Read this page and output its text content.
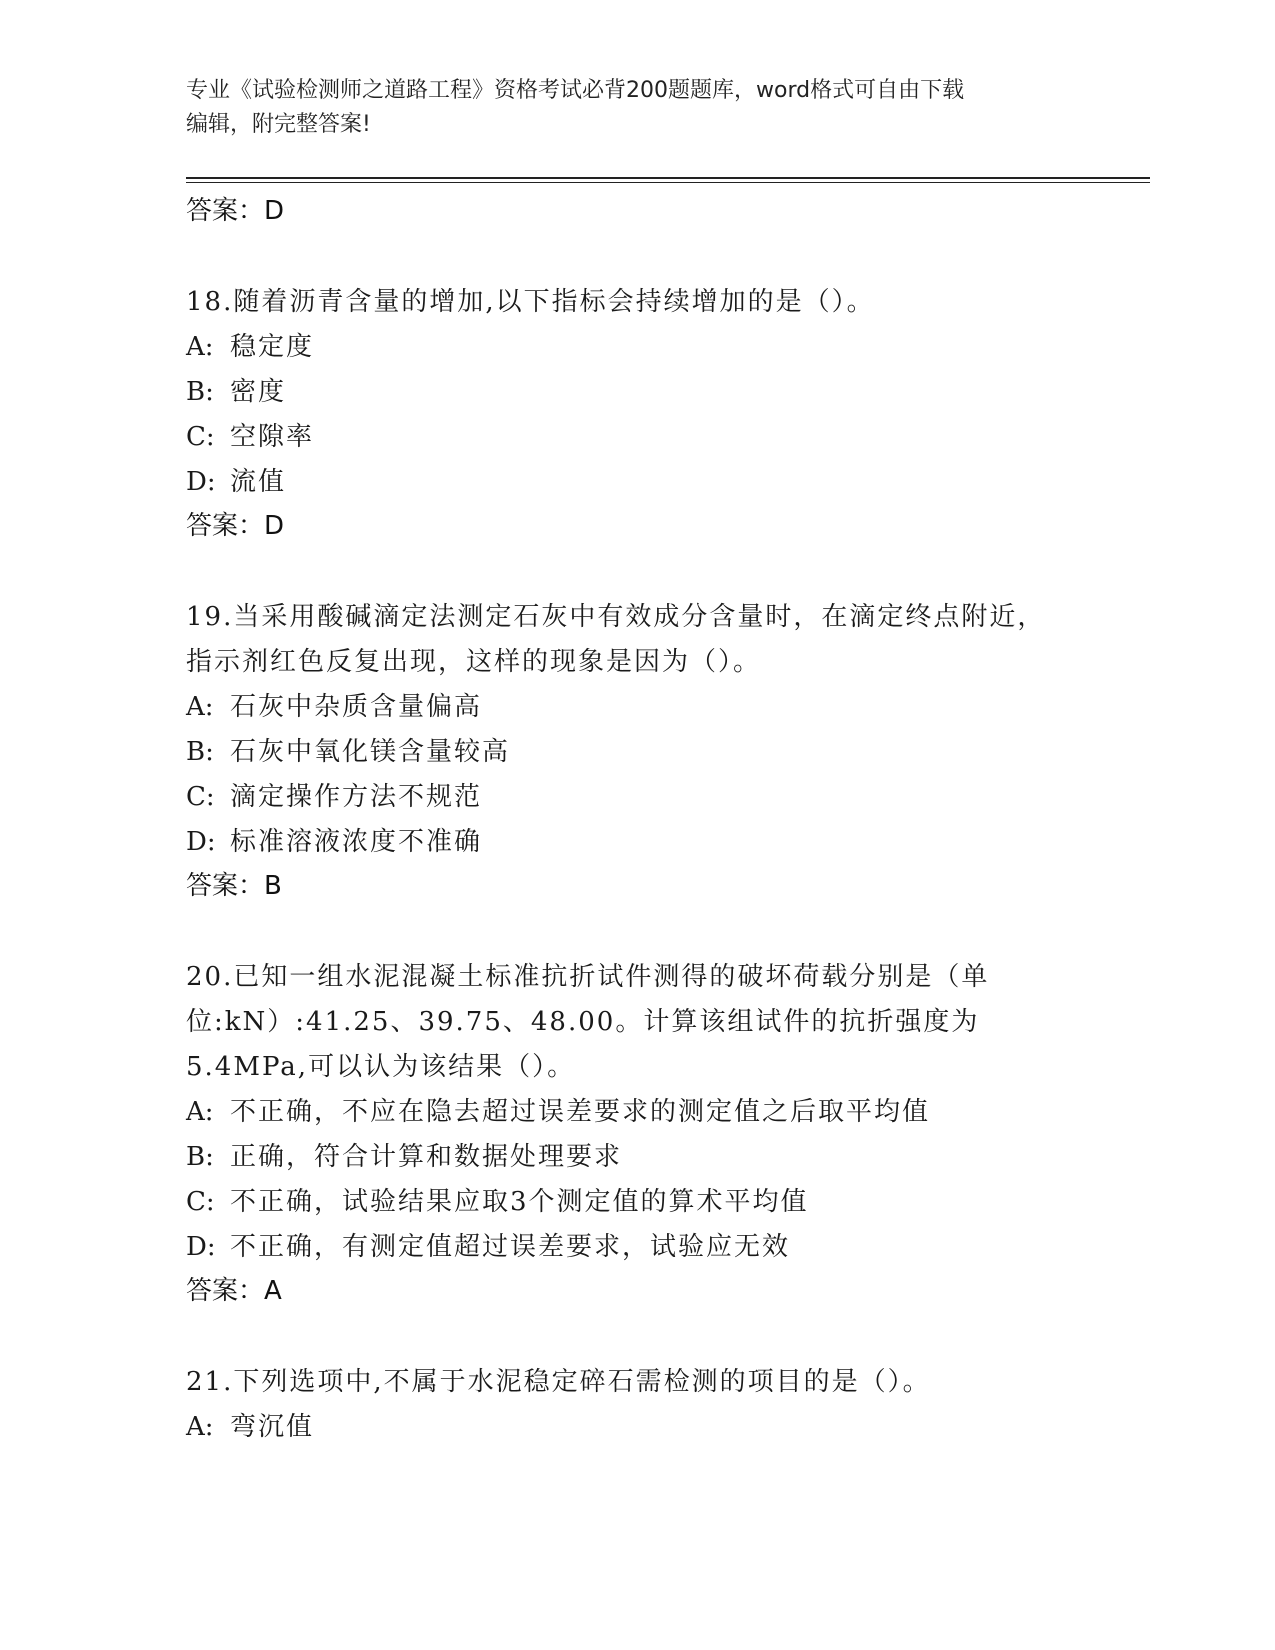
专业《试验检测师之道路工程》资格考试必背200题题库，word格式可自由下载
编辑，附完整答案!
答案：D
18.随着沥青含量的增加,以下指标会持续增加的是（）。
A: 稳定度
B: 密度
C: 空隙率
D: 流值
答案：D
19.当采用酸碱滴定法测定石灰中有效成分含量时，在滴定终点附近，指示剂红色反复出现，这样的现象是因为（）。
A: 石灰中杂质含量偏高
B: 石灰中氧化镁含量较高
C: 滴定操作方法不规范
D: 标准溶液浓度不准确
答案：B
20.已知一组水泥混凝土标准抗折试件测得的破坏荷载分别是（单位:kN）:41.25、39.75、48.00。计算该组试件的抗折强度为5.4MPa,可以认为该结果（）。
A: 不正确，不应在隐去超过误差要求的测定值之后取平均值
B: 正确，符合计算和数据处理要求
C: 不正确，试验结果应取3个测定值的算术平均值
D: 不正确，有测定值超过误差要求，试验应无效
答案：A
21.下列选项中,不属于水泥稳定碎石需检测的项目的是（）。
A: 弯沉值
